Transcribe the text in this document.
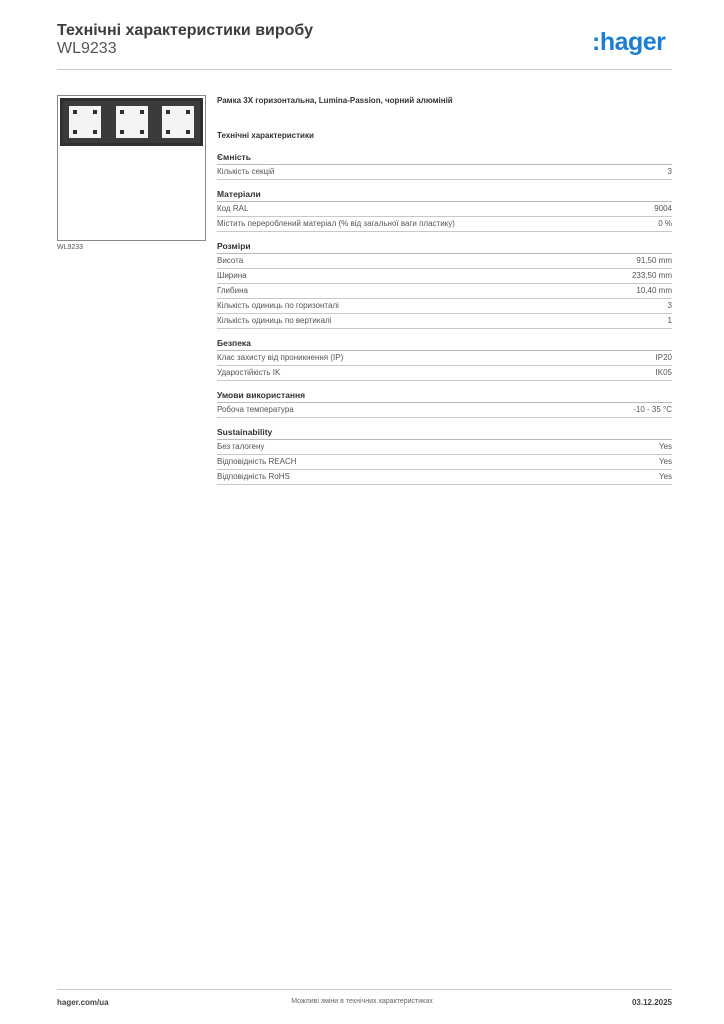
Технічні характеристики виробу
WL9233	:hager
WL9233
Рамка 3X горизонтальна, Lumina-Passion, чорний алюміній
Технічні характеристики
Ємність
Кількість секцій	3
Матеріали
Код RAL	9004
Містить перероблений матеріал (% від загальної ваги пластику)	0 %
Розміри
Висота	91,50 mm
Ширина	233,50 mm
Глибина	10,40 mm
Кількість одиниць по горизонталі	3
Кількість одиниць по вертикалі	1
Безпека
Клас захисту від проникнення (IP)	IP20
Ударостійкість IK	IK05
Умови використання
Робоча температура	-10 - 35 °C
Sustainability
Без галогену	Yes
Відповідність REACH	Yes
Відповідність RoHS	Yes
Можливі зміни в технічних характеристиках
hager.com/ua	03.12.2025
